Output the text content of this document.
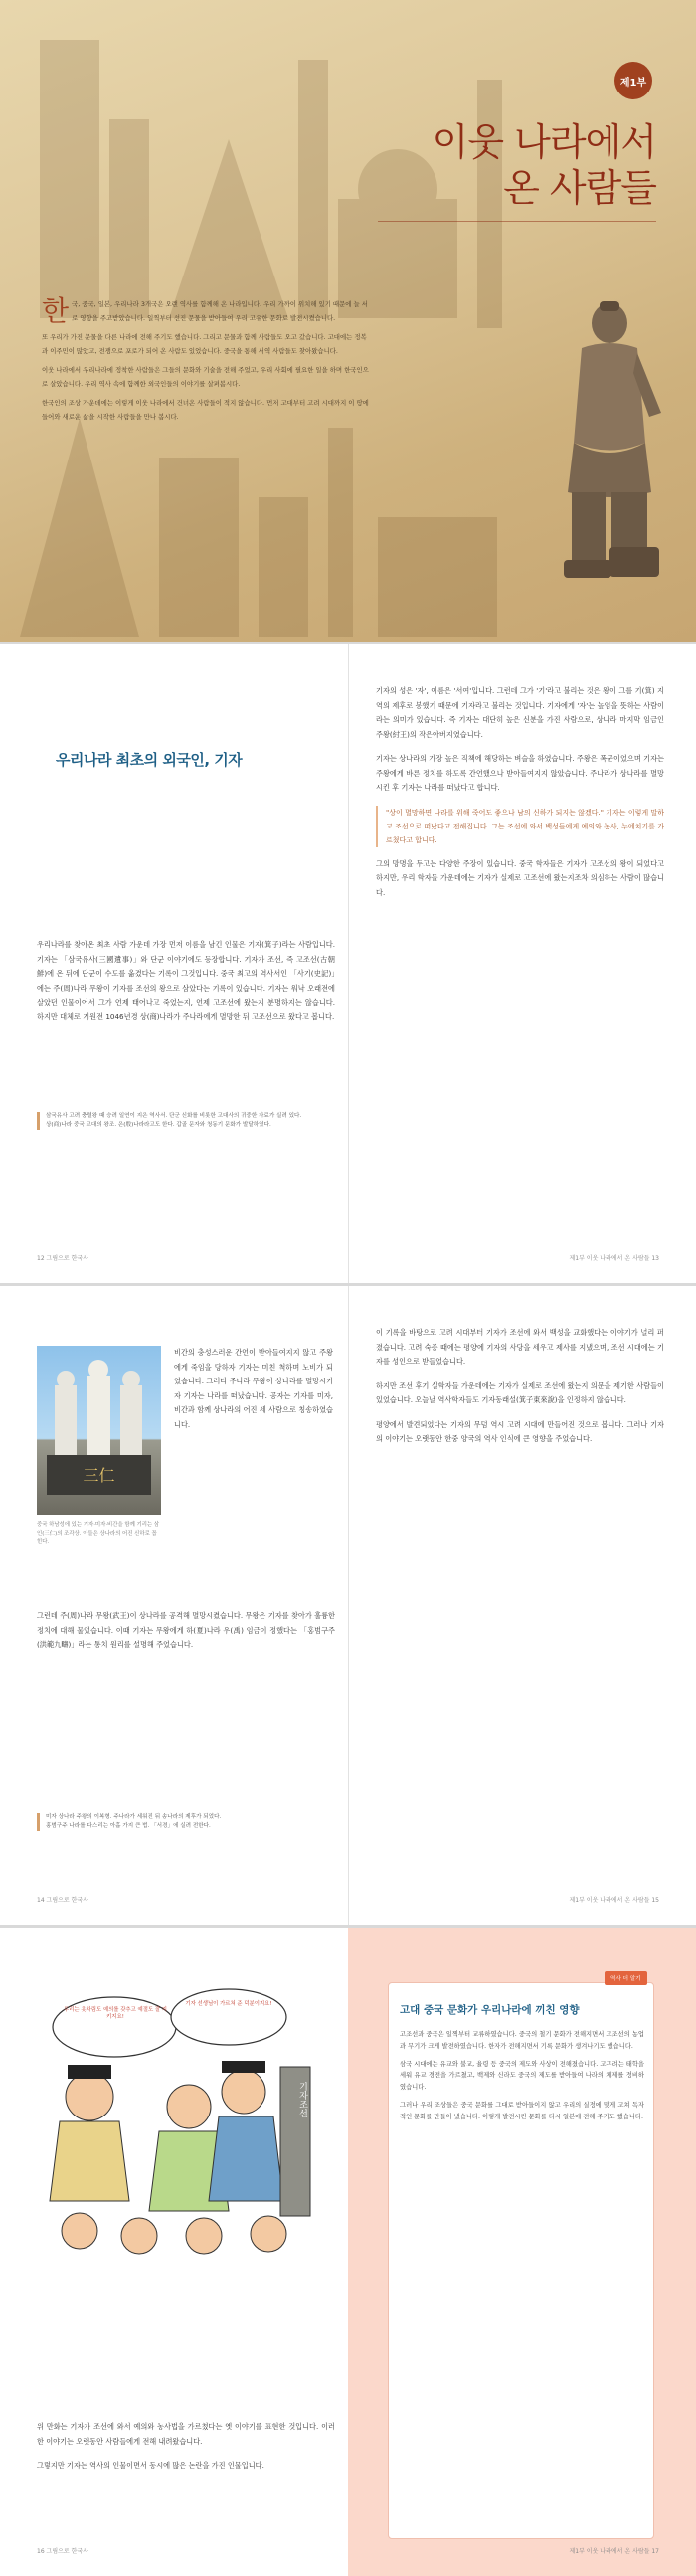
제1부
이웃 나라에서
온 사람들

한국, 중국, 일본, 우리나라 3개국은 오랜 역사를 함께해 온 나라입니다. 우리 가까이 위치해 있기 때문에 늘 서로 영향을 주고받았습니다. 일찍부터 선진 문물을 받아들여 우리 고유한 문화로 발전시켰습니다.

또 우리가 가진 문물을 다른 나라에 전해 주기도 했습니다. 그리고 문물과 함께 사람들도 오고 갔습니다. 고대에는 정복과 이주민이 많았고, 전쟁으로 포로가 되어 온 사람도 있었습니다. 중국을 통해 서역 사람들도 찾아왔습니다.

이웃 나라에서 우리나라에 정착한 사람들은 그들의 문화와 기술을 전해 주었고, 우리 사회에 필요한 일을 하며 한국인으로 살았습니다. 우리 역사 속에 함께한 외국인들의 이야기를 살펴봅시다.

한국인의 조상 가운데에는 이렇게 이웃 나라에서 건너온 사람들이 적지 않습니다. 먼저 고대부터 고려 시대까지 이 땅에 들어와 새로운 삶을 시작한 사람들을 만나 봅시다.

우리나라 최초의 외국인, 기자

우리나라를 찾아온 최초 사람 가운데 가장 먼저 이름을 남긴 인물은 기자(箕子)라는 사람입니다. 기자는 「삼국유사(三國遺事)」와 단군 이야기에도 등장합니다. 기자가 조선, 즉 고조선(古朝鮮)에 온 뒤에 단군이 수도를 옮겼다는 기록이 그것입니다. 중국 최고의 역사서인 「사기(史記)」에는 주(周)나라 무왕이 기자를 조선의 왕으로 삼았다는 기록이 있습니다. 기자는 워낙 오래전에 살았던 인물이어서 그가 언제 태어나고 죽었는지, 언제 고조선에 왔는지 분명하지는 않습니다. 하지만 대체로 기원전 1046년경 상(商)나라가 주나라에게 멸망한 뒤 고조선으로 왔다고 봅니다.

삼국유사 고려 충렬왕 때 승려 일연이 지은 역사서. 단군 신화를 비롯한 고대사의 귀중한 자료가 실려 있다.
상(商)나라 중국 고대의 왕조. 은(殷)나라라고도 한다. 갑골 문자와 청동기 문화가 발달하였다.

기자의 성은 '자', 이름은 '서여'입니다. 그런데 그가 '기'라고 불리는 것은 왕이 그를 기(箕) 지역의 제후로 봉했기 때문에 기자라고 불리는 것입니다. 기자에게 '자'는 높임을 뜻하는 사람이라는 의미가 있습니다. 즉 기자는 대단히 높은 신분을 가진 사람으로, 상나라 마지막 임금인 주왕(紂王)의 작은아버지였습니다.

기자는 상나라의 가장 높은 직책에 해당하는 벼슬을 하였습니다. 주왕은 폭군이었으며 기자는 주왕에게 바른 정치를 하도록 간언했으나 받아들여지지 않았습니다. 주나라가 상나라를 멸망시킨 후 기자는 나라를 떠났다고 합니다.

"상이 멸망하면 나라를 위해 죽어도 좋으나 남의 신하가 되지는 않겠다." 기자는 이렇게 말하고 조선으로 떠났다고 전해집니다. 그는 조선에 와서 백성들에게 예의와 농사, 누에치기를 가르쳤다고 합니다.

그의 망명을 두고는 다양한 주장이 있습니다. 중국 학자들은 기자가 고조선의 왕이 되었다고 하지만, 우리 학자들 가운데에는 기자가 실제로 고조선에 왔는지조차 의심하는 사람이 많습니다.

12 그림으로 한국사	제1부 이웃 나라에서 온 사람들 13
三仁
중국 하남성에 있는 기자·미자·비간을 함께 기리는 삼인(三仁)의 조각상. 이들은 상나라의 어진 신하로 꼽힌다.

비간의 충성스러운 간언이 받아들여지지 않고 주왕에게 죽임을 당하자 기자는 미친 척하며 노비가 되었습니다. 그러다 주나라 무왕이 상나라를 멸망시키자 기자는 나라를 떠났습니다. 공자는 기자를 미자, 비간과 함께 상나라의 어진 세 사람으로 칭송하였습니다.

그런데 주(周)나라 무왕(武王)이 상나라를 공격해 멸망시켰습니다. 무왕은 기자를 찾아가 훌륭한 정치에 대해 물었습니다. 이때 기자는 무왕에게 하(夏)나라 우(禹) 임금이 정했다는 「홍범구주(洪範九疇)」라는 통치 원리를 설명해 주었습니다.

미자 상나라 주왕의 이복형. 주나라가 세워진 뒤 송나라의 제후가 되었다.
홍범구주 나라를 다스리는 아홉 가지 큰 법. 「서경」에 실려 전한다.

이 기록을 바탕으로 고려 시대부터 기자가 조선에 와서 백성을 교화했다는 이야기가 널리 퍼졌습니다. 고려 숙종 때에는 평양에 기자의 사당을 세우고 제사를 지냈으며, 조선 시대에는 기자를 성인으로 받들었습니다.

하지만 조선 후기 실학자들 가운데에는 기자가 실제로 조선에 왔는지 의문을 제기한 사람들이 있었습니다. 오늘날 역사학자들도 기자동래설(箕子東來說)을 인정하지 않습니다.

평양에서 발견되었다는 기자의 무덤 역시 고려 시대에 만들어진 것으로 봅니다. 그러나 기자의 이야기는 오랫동안 한중 양국의 역사 인식에 큰 영향을 주었습니다.

14 그림으로 한국사	제1부 이웃 나라에서 온 사람들 15
우리는 옷차림도 예의를 갖추고 예절도 잘 지키지요!
기자 선생님이 가르쳐 준 덕분이지요!
기자조선

위 만화는 기자가 조선에 와서 예의와 농사법을 가르쳤다는 옛 이야기를 표현한 것입니다. 이러한 이야기는 오랫동안 사람들에게 전해 내려왔습니다.

그렇지만 기자는 역사의 인물이면서 동시에 많은 논란을 가진 인물입니다.

역사 더 알기
고대 중국 문화가 우리나라에 끼친 영향

고조선과 중국은 일찍부터 교류하였습니다. 중국의 철기 문화가 전해지면서 고조선의 농업과 무기가 크게 발전하였습니다. 한자가 전해지면서 기록 문화가 생겨나기도 했습니다.

삼국 시대에는 유교와 불교, 율령 등 중국의 제도와 사상이 전해졌습니다. 고구려는 태학을 세워 유교 경전을 가르쳤고, 백제와 신라도 중국의 제도를 받아들여 나라의 체제를 정비하였습니다.

그러나 우리 조상들은 중국 문화를 그대로 받아들이지 않고 우리의 실정에 맞게 고쳐 독자적인 문화를 만들어 냈습니다. 이렇게 발전시킨 문화를 다시 일본에 전해 주기도 했습니다.

16 그림으로 한국사	제1부 이웃 나라에서 온 사람들 17
